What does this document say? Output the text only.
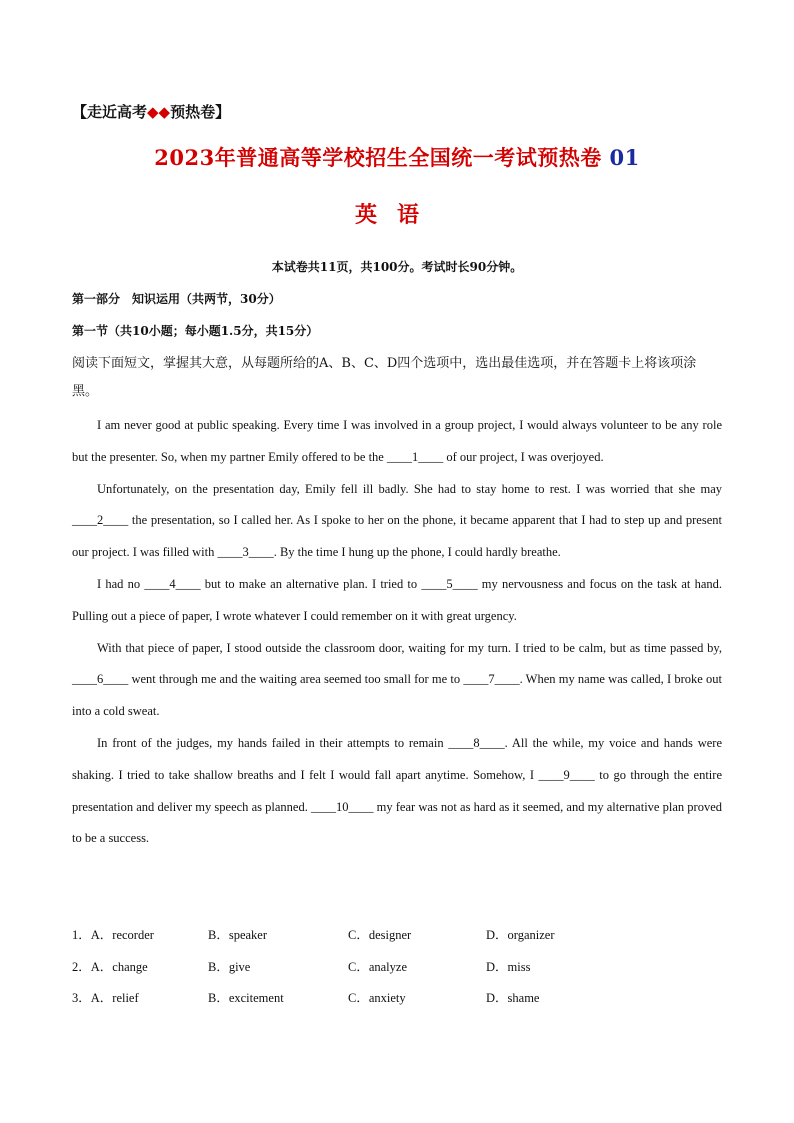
【走近高考◆◆预热卷】
2023年普通高等学校招生全国统一考试预热卷 01
英语
本试卷共11页，共100分。考试时长90分钟。
第一部分　知识运用（共两节，30分）
第一节（共10小题；每小题1.5分，共15分）
阅读下面短文，掌握其大意，从每题所给的A、B、C、D四个选项中，选出最佳选项，并在答题卡上将该项涂黑。

I am never good at public speaking. Every time I was involved in a group project, I would always volunteer to be any role but the presenter. So, when my partner Emily offered to be the ____1____ of our project, I was overjoyed.

Unfortunately, on the presentation day, Emily fell ill badly. She had to stay home to rest. I was worried that she may ____2____ the presentation, so I called her. As I spoke to her on the phone, it became apparent that I had to step up and present our project. I was filled with ____3____. By the time I hung up the phone, I could hardly breathe.

I had no ____4____ but to make an alternative plan. I tried to ____5____ my nervousness and focus on the task at hand. Pulling out a piece of paper, I wrote whatever I could remember on it with great urgency.

With that piece of paper, I stood outside the classroom door, waiting for my turn. I tried to be calm, but as time passed by, ____6____ went through me and the waiting area seemed too small for me to ____7____. When my name was called, I broke out into a cold sweat.

In front of the judges, my hands failed in their attempts to remain ____8____. All the while, my voice and hands were shaking. I tried to take shallow breaths and I felt I would fall apart anytime. Somehow, I ____9____ to go through the entire presentation and deliver my speech as planned. ____10____ my fear was not as hard as it seemed, and my alternative plan proved to be a success.

1．A．recorder	B．speaker	C．designer	D．organizer
2．A．change	B．give	C．analyze	D．miss
3．A．relief	B．excitement	C．anxiety	D．shame
